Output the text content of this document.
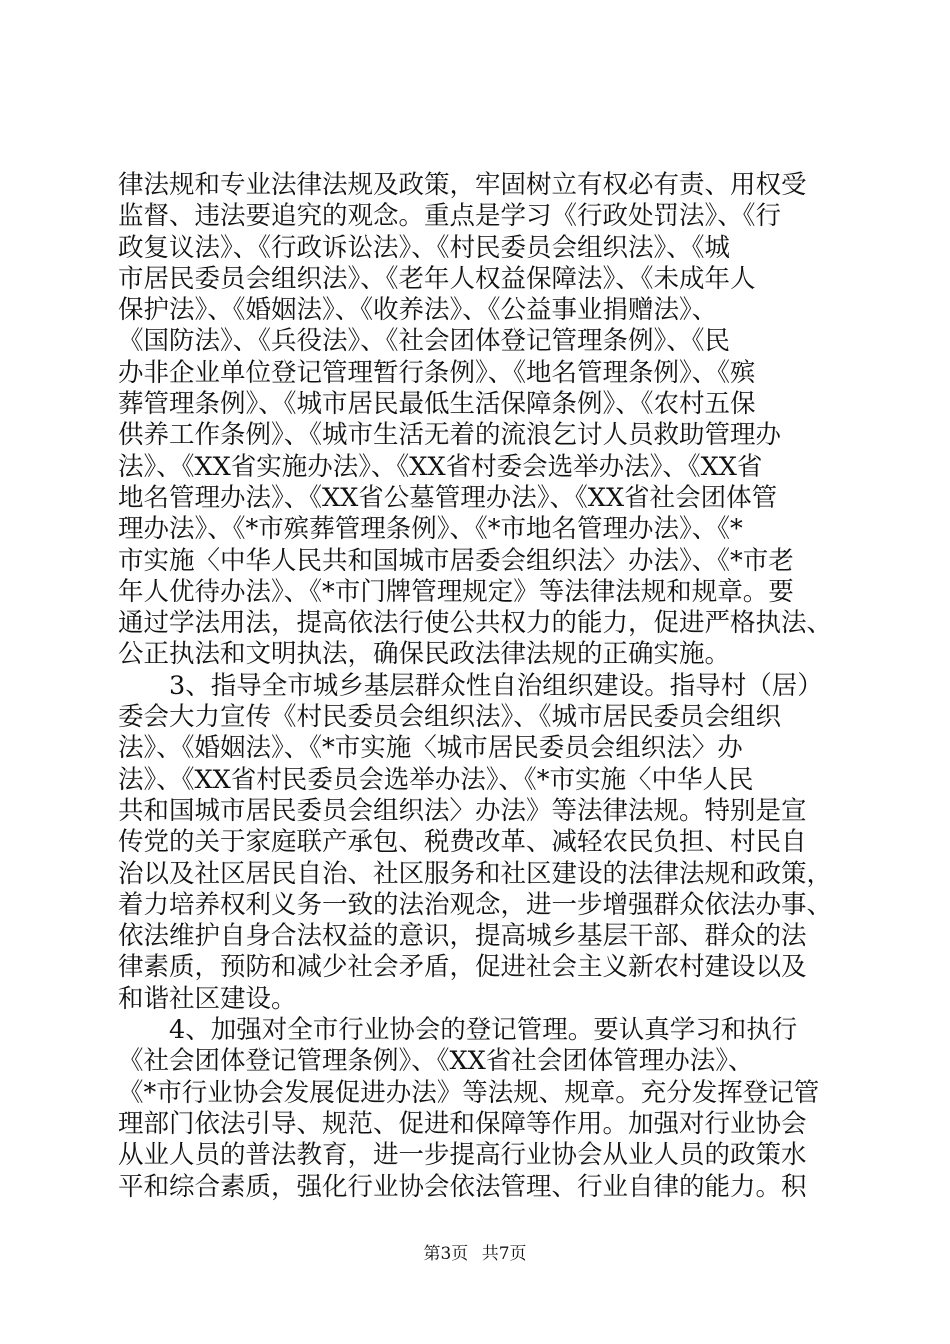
律法规和专业法律法规及政策，牢固树立有权必有责、用权受
监督、违法要追究的观念。重点是学习《行政处罚法》、《行
政复议法》、《行政诉讼法》、《村民委员会组织法》、《城
市居民委员会组织法》、《老年人权益保障法》、《未成年人
保护法》、《婚姻法》、《收养法》、《公益事业捐赠法》、
《国防法》、《兵役法》、《社会团体登记管理条例》、《民
办非企业单位登记管理暂行条例》、《地名管理条例》、《殡
葬管理条例》、《城市居民最低生活保障条例》、《农村五保
供养工作条例》、《城市生活无着的流浪乞讨人员救助管理办
法》、《XX省实施办法》、《XX省村委会选举办法》、《XX省
地名管理办法》、《XX省公墓管理办法》、《XX省社会团体管
理办法》、《*市殡葬管理条例》、《*市地名管理办法》、《*
市实施〈中华人民共和国城市居委会组织法〉办法》、《*市老
年人优待办法》、《*市门牌管理规定》等法律法规和规章。要
通过学法用法，提高依法行使公共权力的能力，促进严格执法、
公正执法和文明执法，确保民政法律法规的正确实施。
　　3、指导全市城乡基层群众性自治组织建设。指导村（居）
委会大力宣传《村民委员会组织法》、《城市居民委员会组织
法》、《婚姻法》、《*市实施〈城市居民委员会组织法〉办
法》、《XX省村民委员会选举办法》、《*市实施〈中华人民
共和国城市居民委员会组织法〉办法》等法律法规。特别是宣
传党的关于家庭联产承包、税费改革、减轻农民负担、村民自
治以及社区居民自治、社区服务和社区建设的法律法规和政策，
着力培养权利义务一致的法治观念，进一步增强群众依法办事、
依法维护自身合法权益的意识，提高城乡基层干部、群众的法
律素质，预防和减少社会矛盾，促进社会主义新农村建设以及
和谐社区建设。
　　4、加强对全市行业协会的登记管理。要认真学习和执行
《社会团体登记管理条例》、《XX省社会团体管理办法》、
《*市行业协会发展促进办法》等法规、规章。充分发挥登记管
理部门依法引导、规范、促进和保障等作用。加强对行业协会
从业人员的普法教育，进一步提高行业协会从业人员的政策水
平和综合素质，强化行业协会依法管理、行业自律的能力。积
第3页 共7页
